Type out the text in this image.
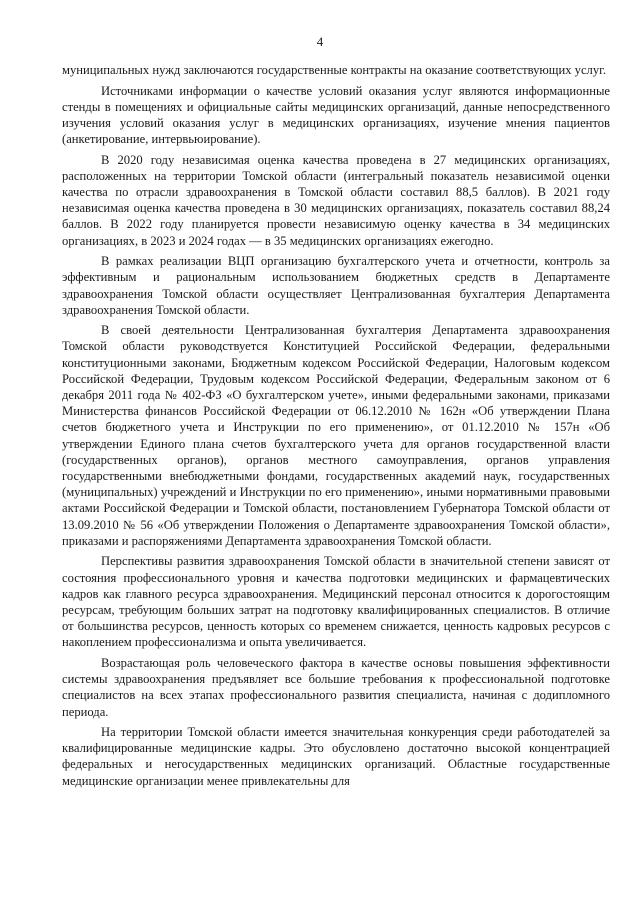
4

муниципальных нужд заключаются государственные контракты на оказание соответствующих услуг.

Источниками информации о качестве условий оказания услуг являются информационные стенды в помещениях и официальные сайты медицинских организаций, данные непосредственного изучения условий оказания услуг в медицинских организациях, изучение мнения пациентов (анкетирование, интервьюирование).

В 2020 году независимая оценка качества проведена в 27 медицинских организациях, расположенных на территории Томской области (интегральный показатель независимой оценки качества по отрасли здравоохранения в Томской области составил 88,5 баллов). В 2021 году независимая оценка качества проведена в 30 медицинских организациях, показатель составил 88,24 баллов. В 2022 году планируется провести независимую оценку качества в 34 медицинских организациях, в 2023 и 2024 годах — в 35 медицинских организациях ежегодно.

В рамках реализации ВЦП организацию бухгалтерского учета и отчетности, контроль за эффективным и рациональным использованием бюджетных средств в Департаменте здравоохранения Томской области осуществляет Централизованная бухгалтерия Департамента здравоохранения Томской области.

В своей деятельности Централизованная бухгалтерия Департамента здравоохранения Томской области руководствуется Конституцией Российской Федерации, федеральными конституционными законами, Бюджетным кодексом Российской Федерации, Налоговым кодексом Российской Федерации, Трудовым кодексом Российской Федерации, Федеральным законом от 6 декабря 2011 года № 402-ФЗ «О бухгалтерском учете», иными федеральными законами, приказами Министерства финансов Российской Федерации от 06.12.2010 № 162н «Об утверждении Плана счетов бюджетного учета и Инструкции по его применению», от 01.12.2010 № 157н «Об утверждении Единого плана счетов бухгалтерского учета для органов государственной власти (государственных органов), органов местного самоуправления, органов управления государственными внебюджетными фондами, государственных академий наук, государственных (муниципальных) учреждений и Инструкции по его применению», иными нормативными правовыми актами Российской Федерации и Томской области, постановлением Губернатора Томской области от 13.09.2010 № 56 «Об утверждении Положения о Департаменте здравоохранения Томской области», приказами и распоряжениями Департамента здравоохранения Томской области.

Перспективы развития здравоохранения Томской области в значительной степени зависят от состояния профессионального уровня и качества подготовки медицинских и фармацевтических кадров как главного ресурса здравоохранения. Медицинский персонал относится к дорогостоящим ресурсам, требующим больших затрат на подготовку квалифицированных специалистов. В отличие от большинства ресурсов, ценность которых со временем снижается, ценность кадровых ресурсов с накоплением профессионализма и опыта увеличивается.

Возрастающая роль человеческого фактора в качестве основы повышения эффективности системы здравоохранения предъявляет все большие требования к профессиональной подготовке специалистов на всех этапах профессионального развития специалиста, начиная с додипломного периода.

На территории Томской области имеется значительная конкуренция среди работодателей за квалифицированные медицинские кадры. Это обусловлено достаточно высокой концентрацией федеральных и негосударственных медицинских организаций. Областные государственные медицинские организации менее привлекательны для
